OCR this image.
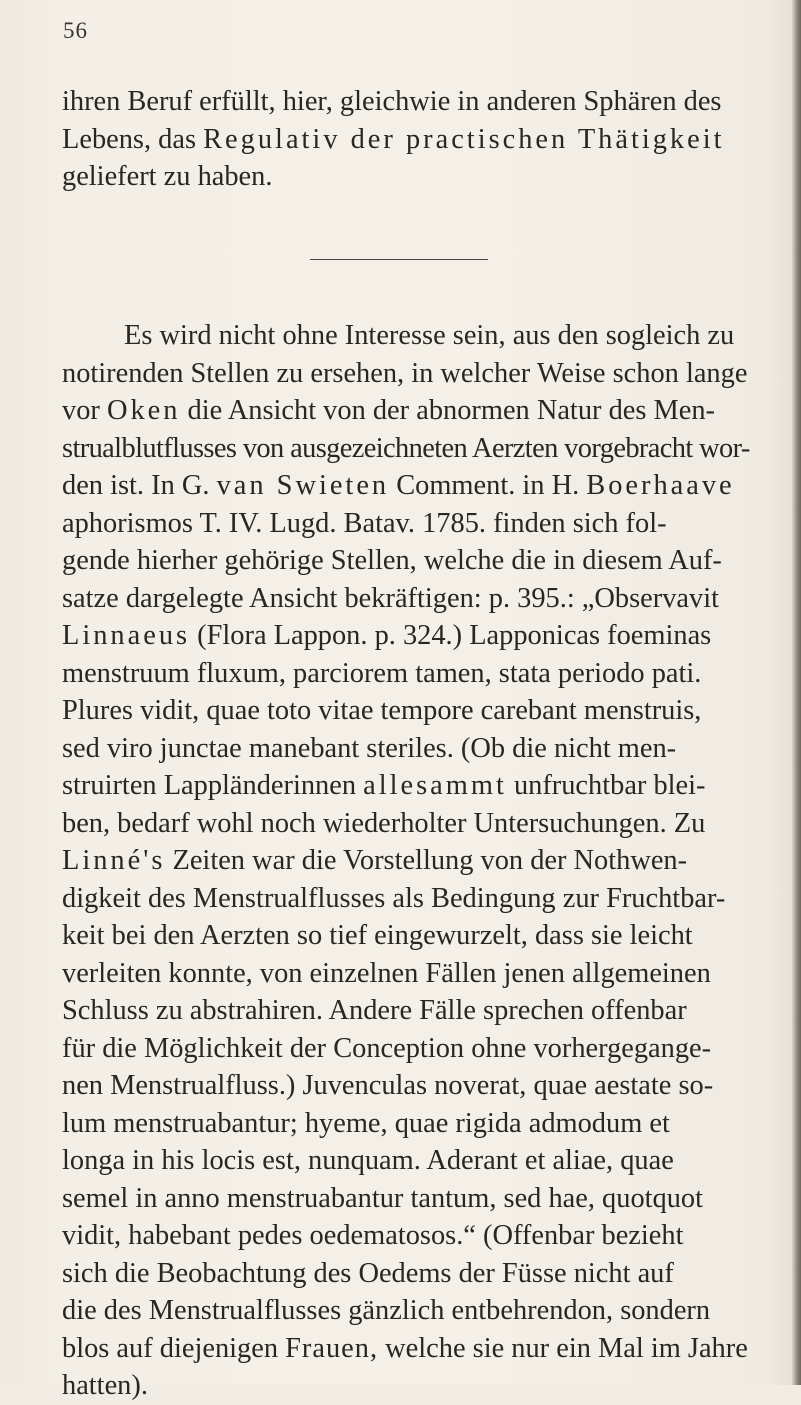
56

ihren Beruf erfüllt, hier, gleichwie in anderen Sphären des
Lebens, das Regulativ der practischen Thätigkeit
geliefert zu haben.

Es wird nicht ohne Interesse sein, aus den sogleich zu
notirenden Stellen zu ersehen, in welcher Weise schon lange
vor Oken die Ansicht von der abnormen Natur des Men-
strualblutflusses von ausgezeichneten Aerzten vorgebracht wor-
den ist. In G. van Swieten Comment. in H. Boerhaave
aphorismos T. IV. Lugd. Batav. 1785. finden sich fol-
gende hierher gehörige Stellen, welche die in diesem Auf-
satze dargelegte Ansicht bekräftigen: p. 395.: „Observavit
Linnaeus (Flora Lappon. p. 324.) Lapponicas foeminas
menstruum fluxum, parciorem tamen, stata periodo pati.
Plures vidit, quae toto vitae tempore carebant menstruis,
sed viro junctae manebant steriles. (Ob die nicht men-
struirten Lappländerinnen allesammt unfruchtbar blei-
ben, bedarf wohl noch wiederholter Untersuchungen. Zu
Linné's Zeiten war die Vorstellung von der Nothwen-
digkeit des Menstrualflusses als Bedingung zur Fruchtbar-
keit bei den Aerzten so tief eingewurzelt, dass sie leicht
verleiten konnte, von einzelnen Fällen jenen allgemeinen
Schluss zu abstrahiren. Andere Fälle sprechen offenbar
für die Möglichkeit der Conception ohne vorhergegange-
nen Menstrualfluss.) Juvenculas noverat, quae aestate so-
lum menstruabantur; hyeme, quae rigida admodum et
longa in his locis est, nunquam. Aderant et aliae, quae
semel in anno menstruabantur tantum, sed hae, quotquot
vidit, habebant pedes oedematosos.“ (Offenbar bezieht
sich die Beobachtung des Oedems der Füsse nicht auf
die des Menstrualflusses gänzlich entbehrendon, sondern
blos auf diejenigen Frauen, welche sie nur ein Mal im Jahre
hatten).
